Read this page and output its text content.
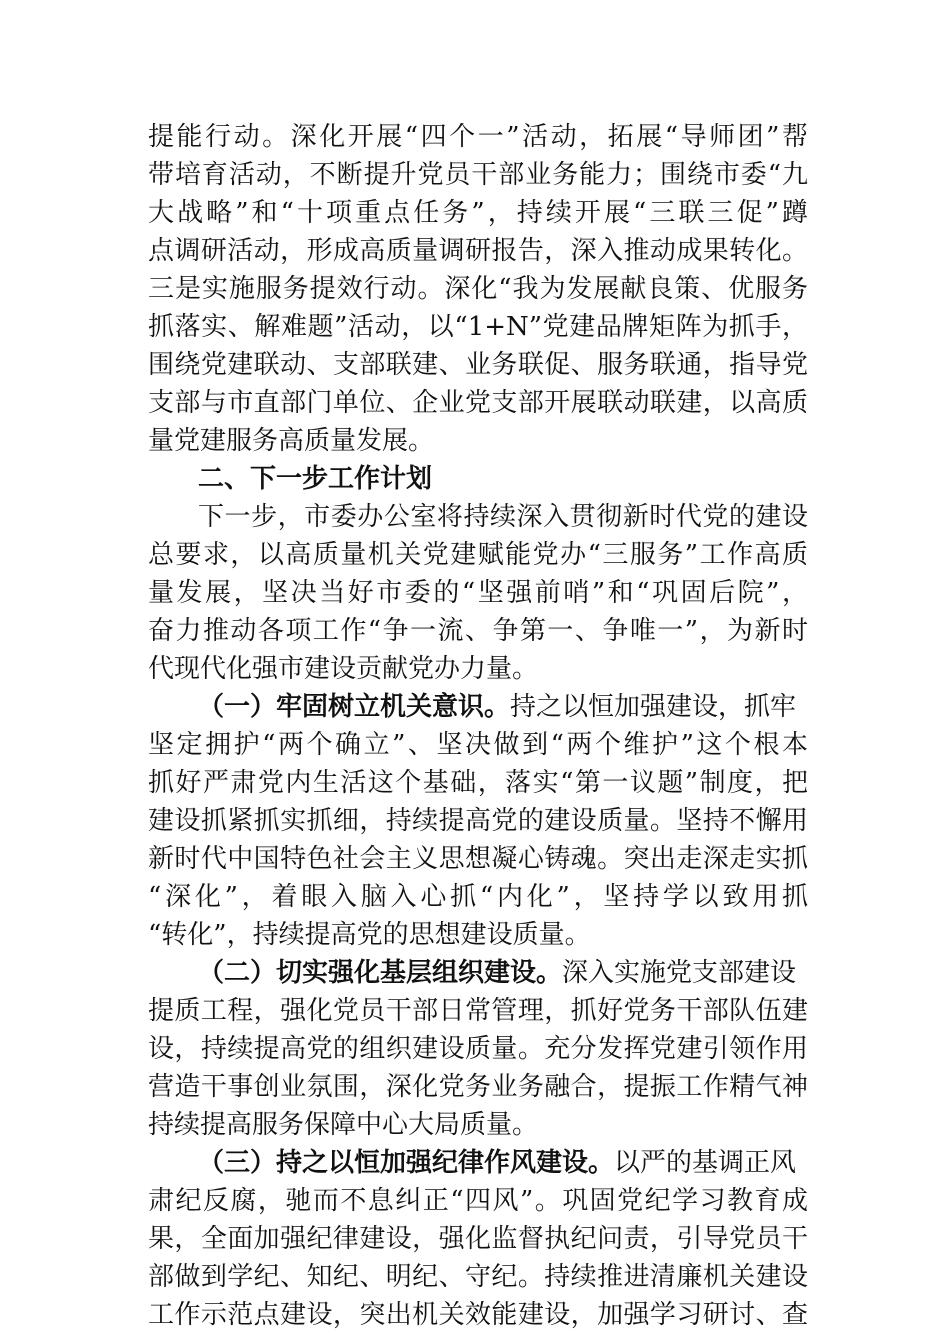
提能行动。深化开展“四个一”活动，拓展“导师团”帮
带培育活动，不断提升党员干部业务能力；围绕市委“九
大战略”和“十项重点任务”，持续开展“三联三促”蹲
点调研活动，形成高质量调研报告，深入推动成果转化。
三是实施服务提效行动。深化“我为发展献良策、优服务
抓落实、解难题”活动，以“1+N”党建品牌矩阵为抓手，
围绕党建联动、支部联建、业务联促、服务联通，指导党
支部与市直部门单位、企业党支部开展联动联建，以高质
量党建服务高质量发展。
二、下一步工作计划
下一步，市委办公室将持续深入贯彻新时代党的建设
总要求，以高质量机关党建赋能党办“三服务”工作高质
量发展，坚决当好市委的“坚强前哨”和“巩固后院”，
奋力推动各项工作“争一流、争第一、争唯一”，为新时
代现代化强市建设贡献党办力量。
（一）牢固树立机关意识。持之以恒加强建设，抓牢
坚定拥护“两个确立”、坚决做到“两个维护”这个根本
抓好严肃党内生活这个基础，落实“第一议题”制度，把
建设抓紧抓实抓细，持续提高党的建设质量。坚持不懈用
新时代中国特色社会主义思想凝心铸魂。突出走深走实抓
“深化”，着眼入脑入心抓“内化”，坚持学以致用抓
“转化”，持续提高党的思想建设质量。
（二）切实强化基层组织建设。深入实施党支部建设
提质工程，强化党员干部日常管理，抓好党务干部队伍建
设，持续提高党的组织建设质量。充分发挥党建引领作用
营造干事创业氛围，深化党务业务融合，提振工作精气神
持续提高服务保障中心大局质量。
（三）持之以恒加强纪律作风建设。以严的基调正风
肃纪反腐，驰而不息纠正“四风”。巩固党纪学习教育成
果，全面加强纪律建设，强化监督执纪问责，引导党员干
部做到学纪、知纪、明纪、守纪。持续推进清廉机关建设
工作示范点建设，突出机关效能建设，加强学习研讨、查
